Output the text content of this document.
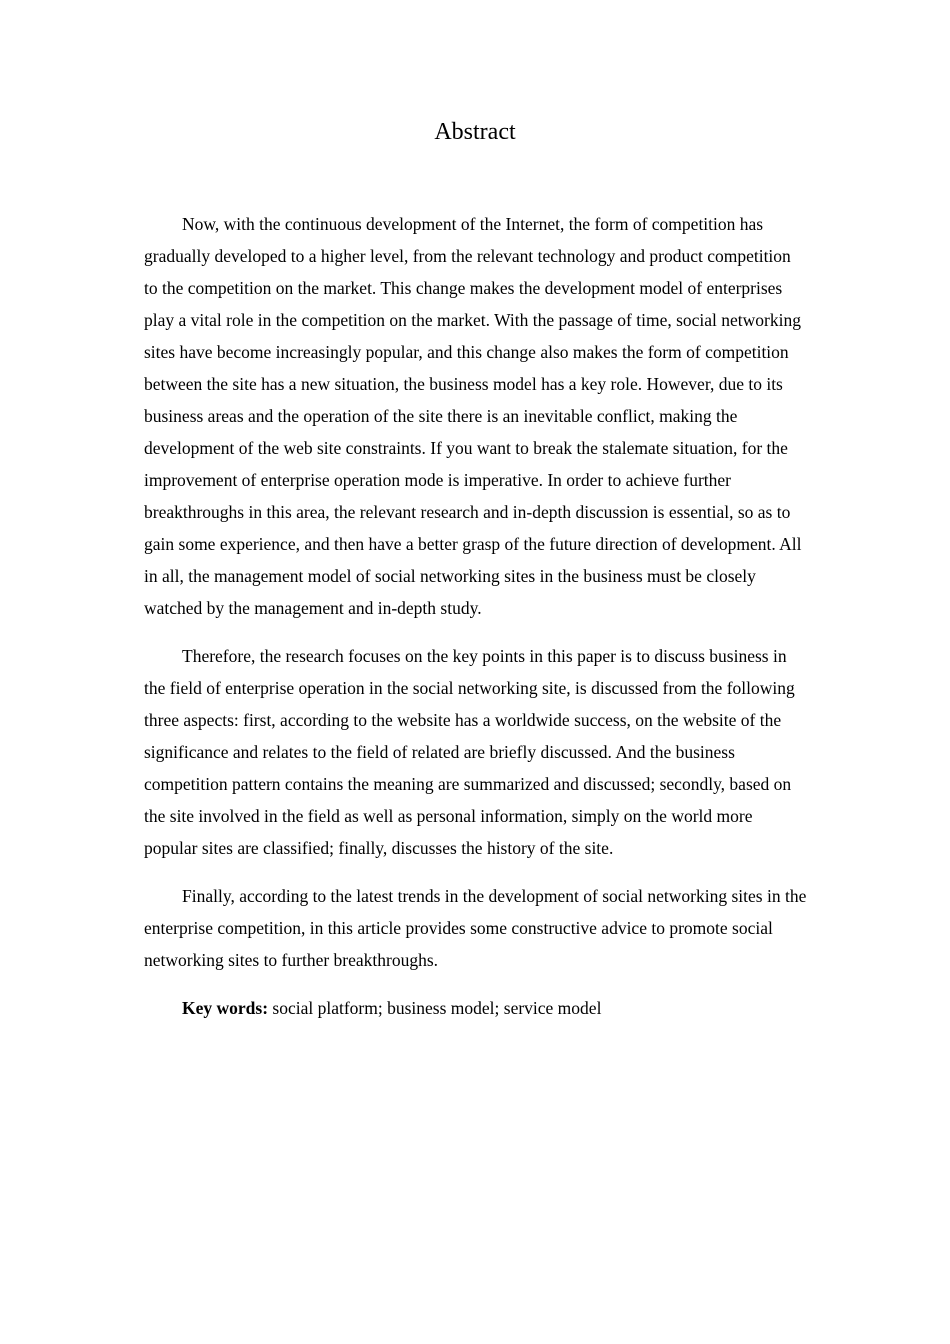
Abstract

Now, with the continuous development of the Internet, the form of competition has gradually developed to a higher level, from the relevant technology and product competition to the competition on the market. This change makes the development model of enterprises play a vital role in the competition on the market. With the passage of time, social networking sites have become increasingly popular, and this change also makes the form of competition between the site has a new situation, the business model has a key role. However, due to its business areas and the operation of the site there is an inevitable conflict, making the development of the web site constraints. If you want to break the stalemate situation, for the improvement of enterprise operation mode is imperative. In order to achieve further breakthroughs in this area, the relevant research and in-depth discussion is essential, so as to gain some experience, and then have a better grasp of the future direction of development. All in all, the management model of social networking sites in the business must be closely watched by the management and in-depth study.

Therefore, the research focuses on the key points in this paper is to discuss business in the field of enterprise operation in the social networking site, is discussed from the following three aspects: first, according to the website has a worldwide success, on the website of the significance and relates to the field of related are briefly discussed. And the business competition pattern contains the meaning are summarized and discussed; secondly, based on the site involved in the field as well as personal information, simply on the world more popular sites are classified; finally, discusses the history of the site.

Finally, according to the latest trends in the development of social networking sites in the enterprise competition, in this article provides some constructive advice to promote social networking sites to further breakthroughs.

Key words: social platform; business model; service model
